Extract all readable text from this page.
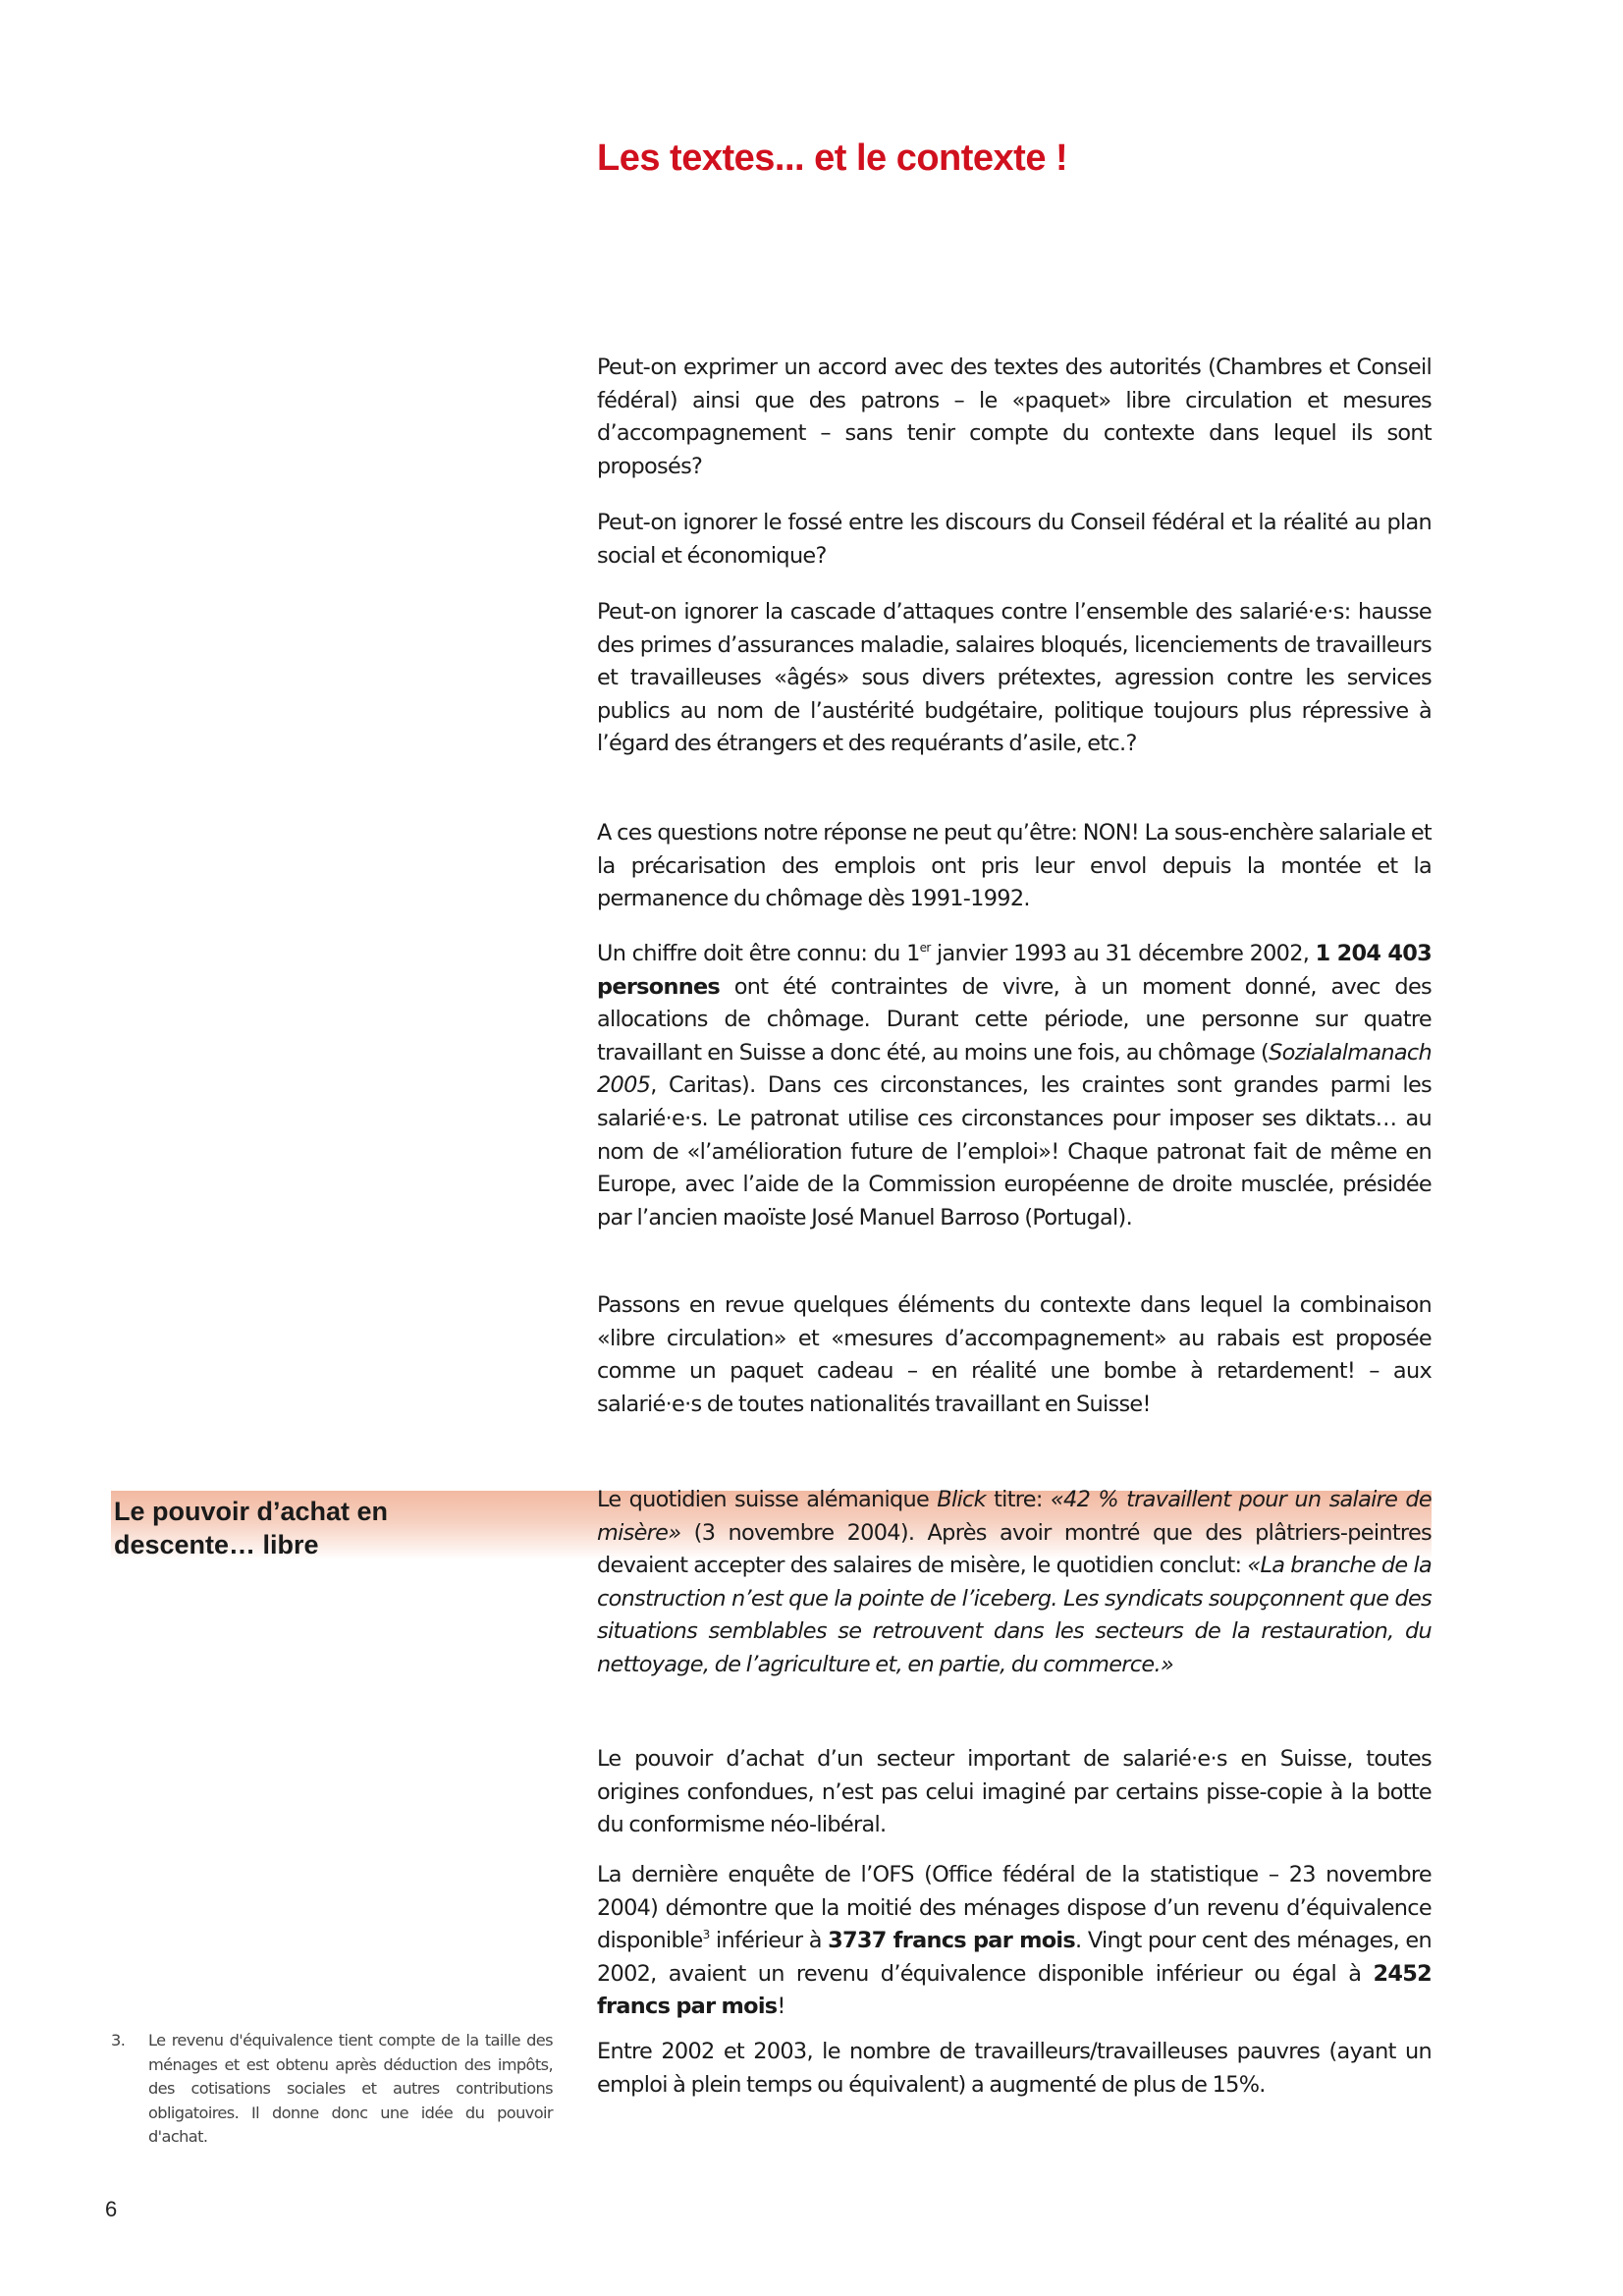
Les textes... et le contexte !
Le pouvoir d’achat en descente… libre

Peut-on exprimer un accord avec des textes des autorités (Chambres et Conseil fédéral) ainsi que des patrons – le «paquet» libre circulation et mesures d’accompagnement – sans tenir compte du contexte dans lequel ils sont proposés?

Peut-on ignorer le fossé entre les discours du Conseil fédéral et la réalité au plan social et économique?

Peut-on ignorer la cascade d’attaques contre l’ensemble des salarié·e·s: hausse des primes d’assurances maladie, salaires bloqués, licenciements de travailleurs et travailleuses «âgés» sous divers prétextes, agression contre les services publics au nom de l’austérité budgétaire, politique toujours plus répressive à l’égard des étrangers et des requérants d’asile, etc.?

A ces questions notre réponse ne peut qu’être: NON! La sous-enchère salariale et la précarisation des emplois ont pris leur envol depuis la montée et la permanence du chômage dès 1991-1992.

Un chiffre doit être connu: du 1er janvier 1993 au 31 décembre 2002, 1 204 403 personnes ont été contraintes de vivre, à un moment donné, avec des allocations de chômage. Durant cette période, une personne sur quatre travaillant en Suisse a donc été, au moins une fois, au chômage (Sozialalmanach 2005, Caritas). Dans ces circonstances, les craintes sont grandes parmi les salarié·e·s. Le patronat utilise ces circonstances pour imposer ses diktats… au nom de «l’amélioration future de l’emploi»! Chaque patronat fait de même en Europe, avec l’aide de la Commission européenne de droite musclée, présidée par l’ancien maoïste José Manuel Barroso (Portugal).

Passons en revue quelques éléments du contexte dans lequel la combinaison «libre circulation» et «mesures d’accompagnement» au rabais est proposée comme un paquet cadeau – en réalité une bombe à retardement! – aux salarié·e·s de toutes nationalités travaillant en Suisse!

Le quotidien suisse alémanique Blick titre: «42 % travaillent pour un salaire de misère» (3 novembre 2004). Après avoir montré que des plâtriers-peintres devaient accepter des salaires de misère, le quotidien conclut: «La branche de la construction n’est que la pointe de l’iceberg. Les syndicats soupçonnent que des situations semblables se retrouvent dans les secteurs de la restauration, du nettoyage, de l’agriculture et, en partie, du commerce.»

Le pouvoir d’achat d’un secteur important de salarié·e·s en Suisse, toutes origines confondues, n’est pas celui imaginé par certains pisse-copie à la botte du conformisme néo-libéral.

La dernière enquête de l’OFS (Office fédéral de la statistique – 23 novembre 2004) démontre que la moitié des ménages dispose d’un revenu d’équivalence disponible$^3$ inférieur à 3737 francs par mois. Vingt pour cent des ménages, en 2002, avaient un revenu d’équivalence disponible inférieur ou égal à 2452 francs par mois!

Entre 2002 et 2003, le nombre de travailleurs/travailleuses pauvres (ayant un emploi à plein temps ou équivalent) a augmenté de plus de 15%.

3. Le revenu d'équivalence tient compte de la taille des ménages et est obtenu après déduction des impôts, des cotisations sociales et autres contributions obligatoires. Il donne donc une idée du pouvoir d'achat.
6
